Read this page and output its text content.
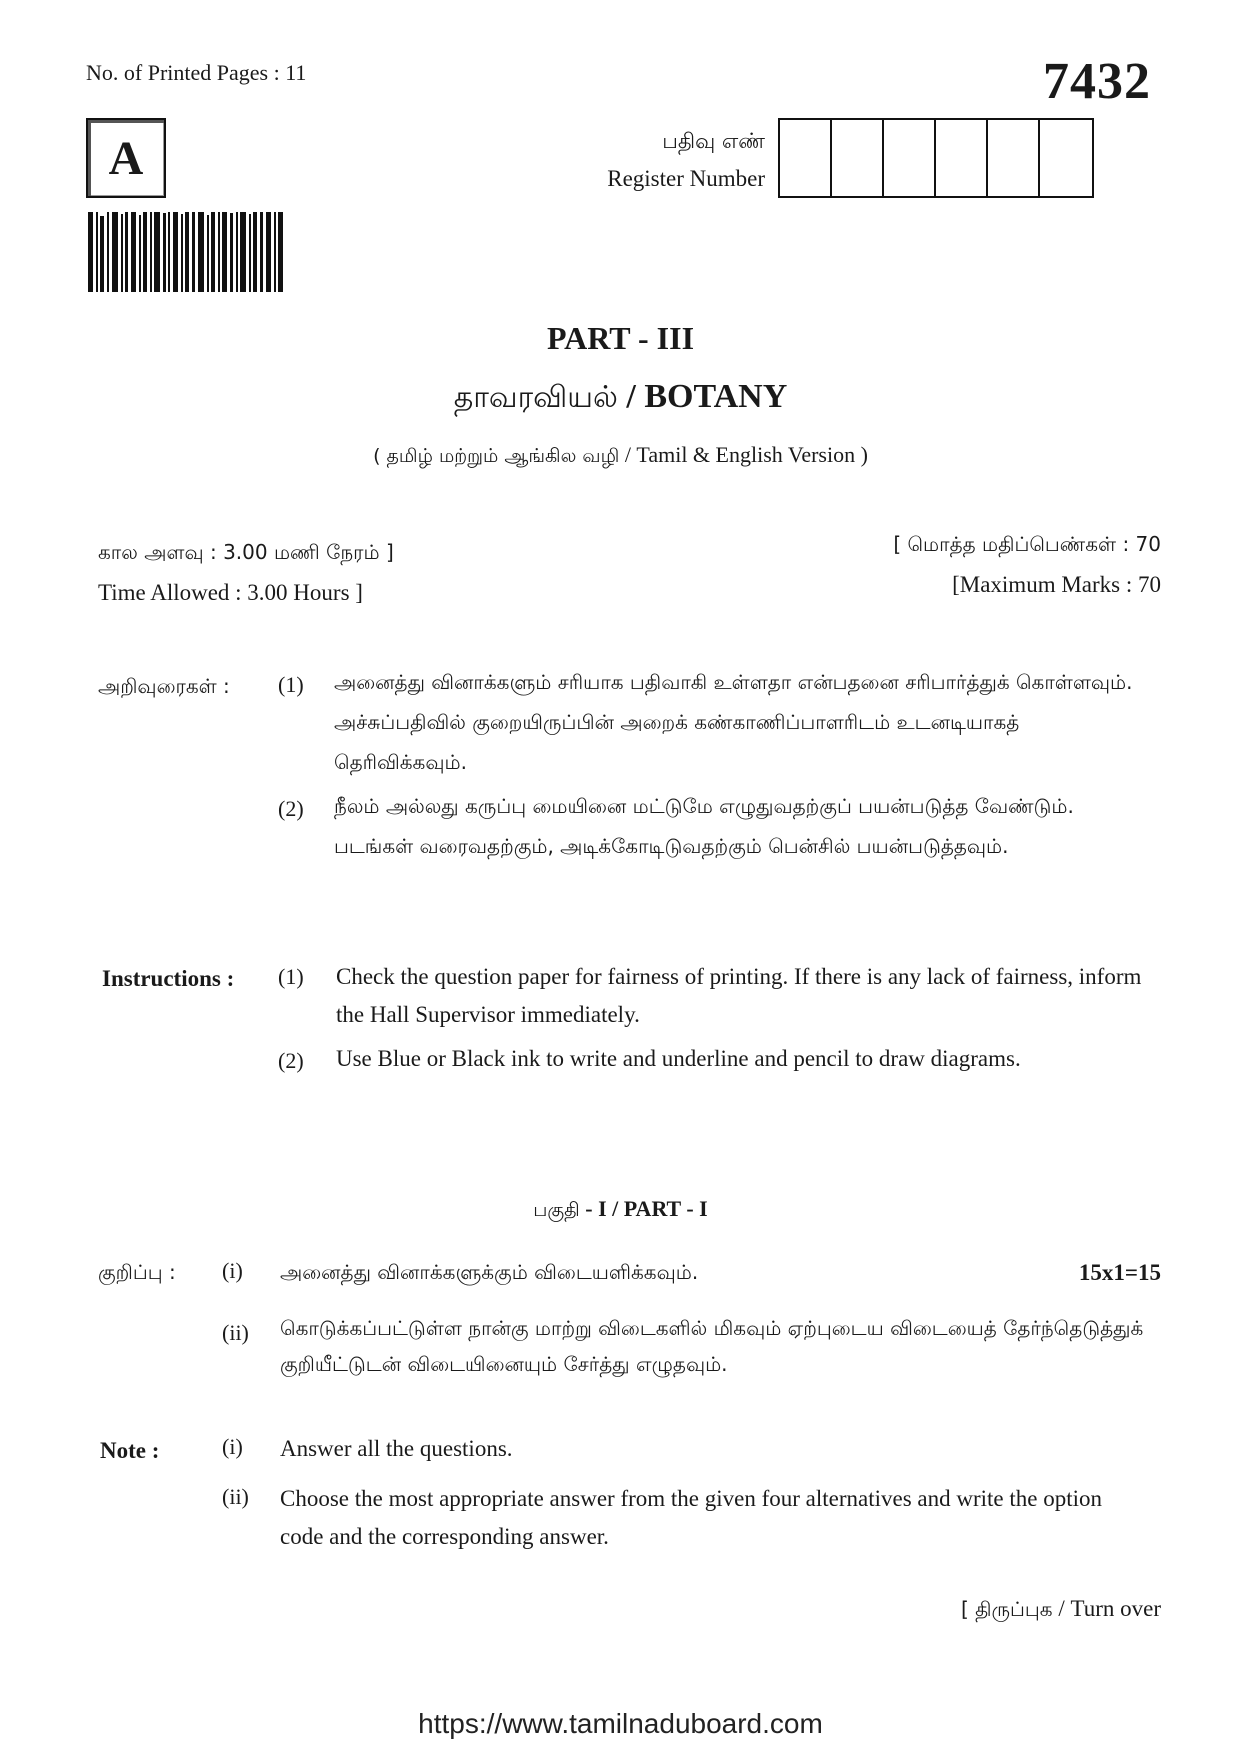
No. of Printed Pages : 11	7432
A	பதிவு எண்
Register Number
PART - III
தாவரவியல் / BOTANY
( தமிழ் மற்றும் ஆங்கில வழி / Tamil & English Version )
கால அளவு : 3.00 மணி நேரம் ]
Time Allowed : 3.00 Hours ]
[ மொத்த மதிப்பெண்கள் : 70
[Maximum Marks : 70
அறிவுரைகள் : (1) அனைத்து வினாக்களும் சரியாக பதிவாகி உள்ளதா என்பதனை சரிபார்த்துக் கொள்ளவும். அச்சுப்பதிவில் குறையிருப்பின் அறைக் கண்காணிப்பாளரிடம் உடனடியாகத் தெரிவிக்கவும்.
(2) நீலம் அல்லது கருப்பு மையினை மட்டுமே எழுதுவதற்குப் பயன்படுத்த வேண்டும். படங்கள் வரைவதற்கும், அடிக்கோடிடுவதற்கும் பென்சில் பயன்படுத்தவும்.
Instructions : (1) Check the question paper for fairness of printing. If there is any lack of fairness, inform the Hall Supervisor immediately.
(2) Use Blue or Black ink to write and underline and pencil to draw diagrams.
பகுதி - I / PART - I
குறிப்பு : (i) அனைத்து வினாக்களுக்கும் விடையளிக்கவும்.	15x1=15
(ii) கொடுக்கப்பட்டுள்ள நான்கு மாற்று விடைகளில் மிகவும் ஏற்புடைய விடையைத் தேர்ந்தெடுத்துக் குறியீட்டுடன் விடையினையும் சேர்த்து எழுதவும்.
Note :	(i) Answer all the questions.
(ii) Choose the most appropriate answer from the given four alternatives and write the option code and the corresponding answer.
[ திருப்புக / Turn over
https://www.tamilnaduboard.com
